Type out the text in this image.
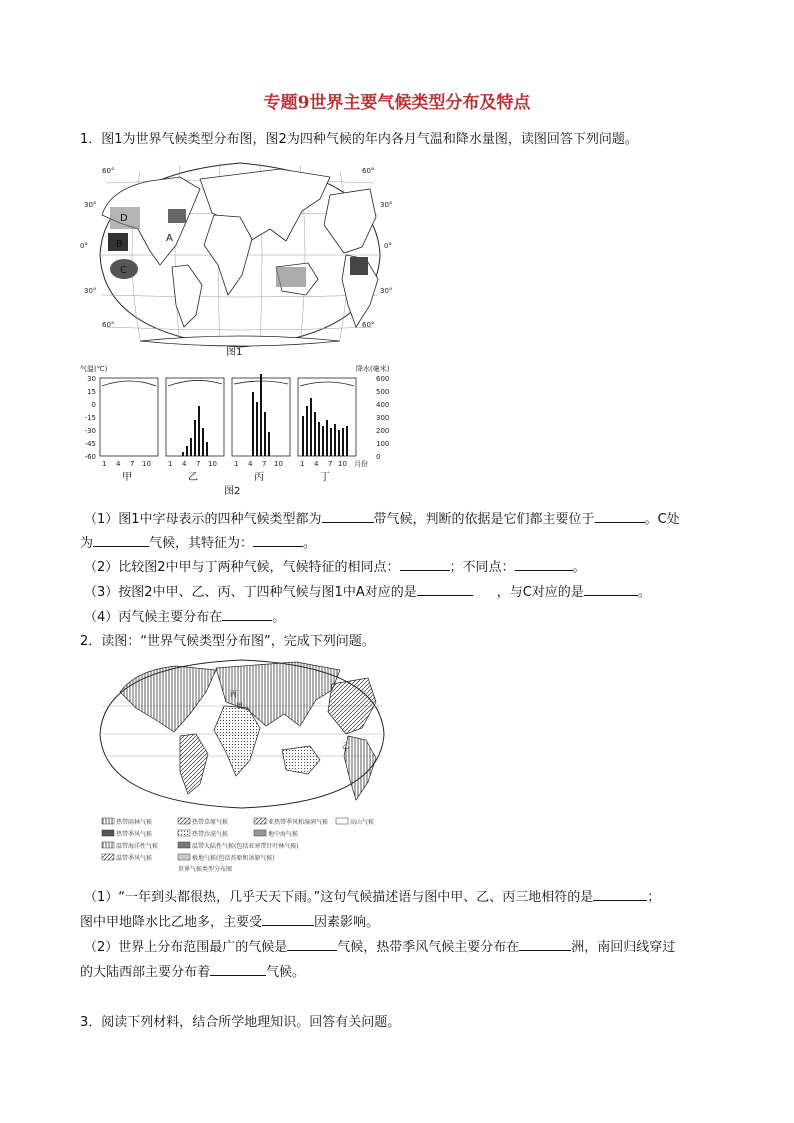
专题9世界主要气候类型分布及特点
1．图1为世界气候类型分布图，图2为四种气候的年内各月气温和降水量图，读图回答下列问题。
D
B
C
A
60°
30°
0°
30°
60°
60°
30°
0°
30°
60°
图1
气温(℃)	降水(毫米)
30
15
0
-15
-30
-45
-60
600
500
400
300
200
100
0
1 4 7 10
甲
1 4 7 10
乙
1 4 7 10
丙
1 4 7 10 月份
丁
图2
（1）图1中字母表示的四种气候类型都为	带气候，判断的依据是它们都主要位于	。C处
为	气候，其特征为：	。
（2）比较图2中甲与丁两种气候，气候特征的相同点：	；不同点：	。
（3）按图2中甲、乙、丙、丁四种气候与图1中A对应的是	，与C对应的是	。
（4）丙气候主要分布在	。
2．读图：“世界气候类型分布图”，完成下列问题。
丙
甲
乙
热带雨林气候	热带草原气候	亚热带季风和湿润气候	高山气候
热带季风气候	热带沙漠气候	地中海气候
温带海洋性气候	温带大陆性气候(包括亚寒带针叶林气候)
温带季风气候	极地气候(包括苔原和冰原气候)
世界气候类型分布图
（1）“一年到头都很热，几乎天天下雨。”这句气候描述语与图中甲、乙、丙三地相符的是	；
图中甲地降水比乙地多，主要受	因素影响。
（2）世界上分布范围最广的气候是	气候，热带季风气候主要分布在	洲，南回归线穿过
的大陆西部主要分布着	气候。
3．阅读下列材料，结合所学地理知识。回答有关问题。
